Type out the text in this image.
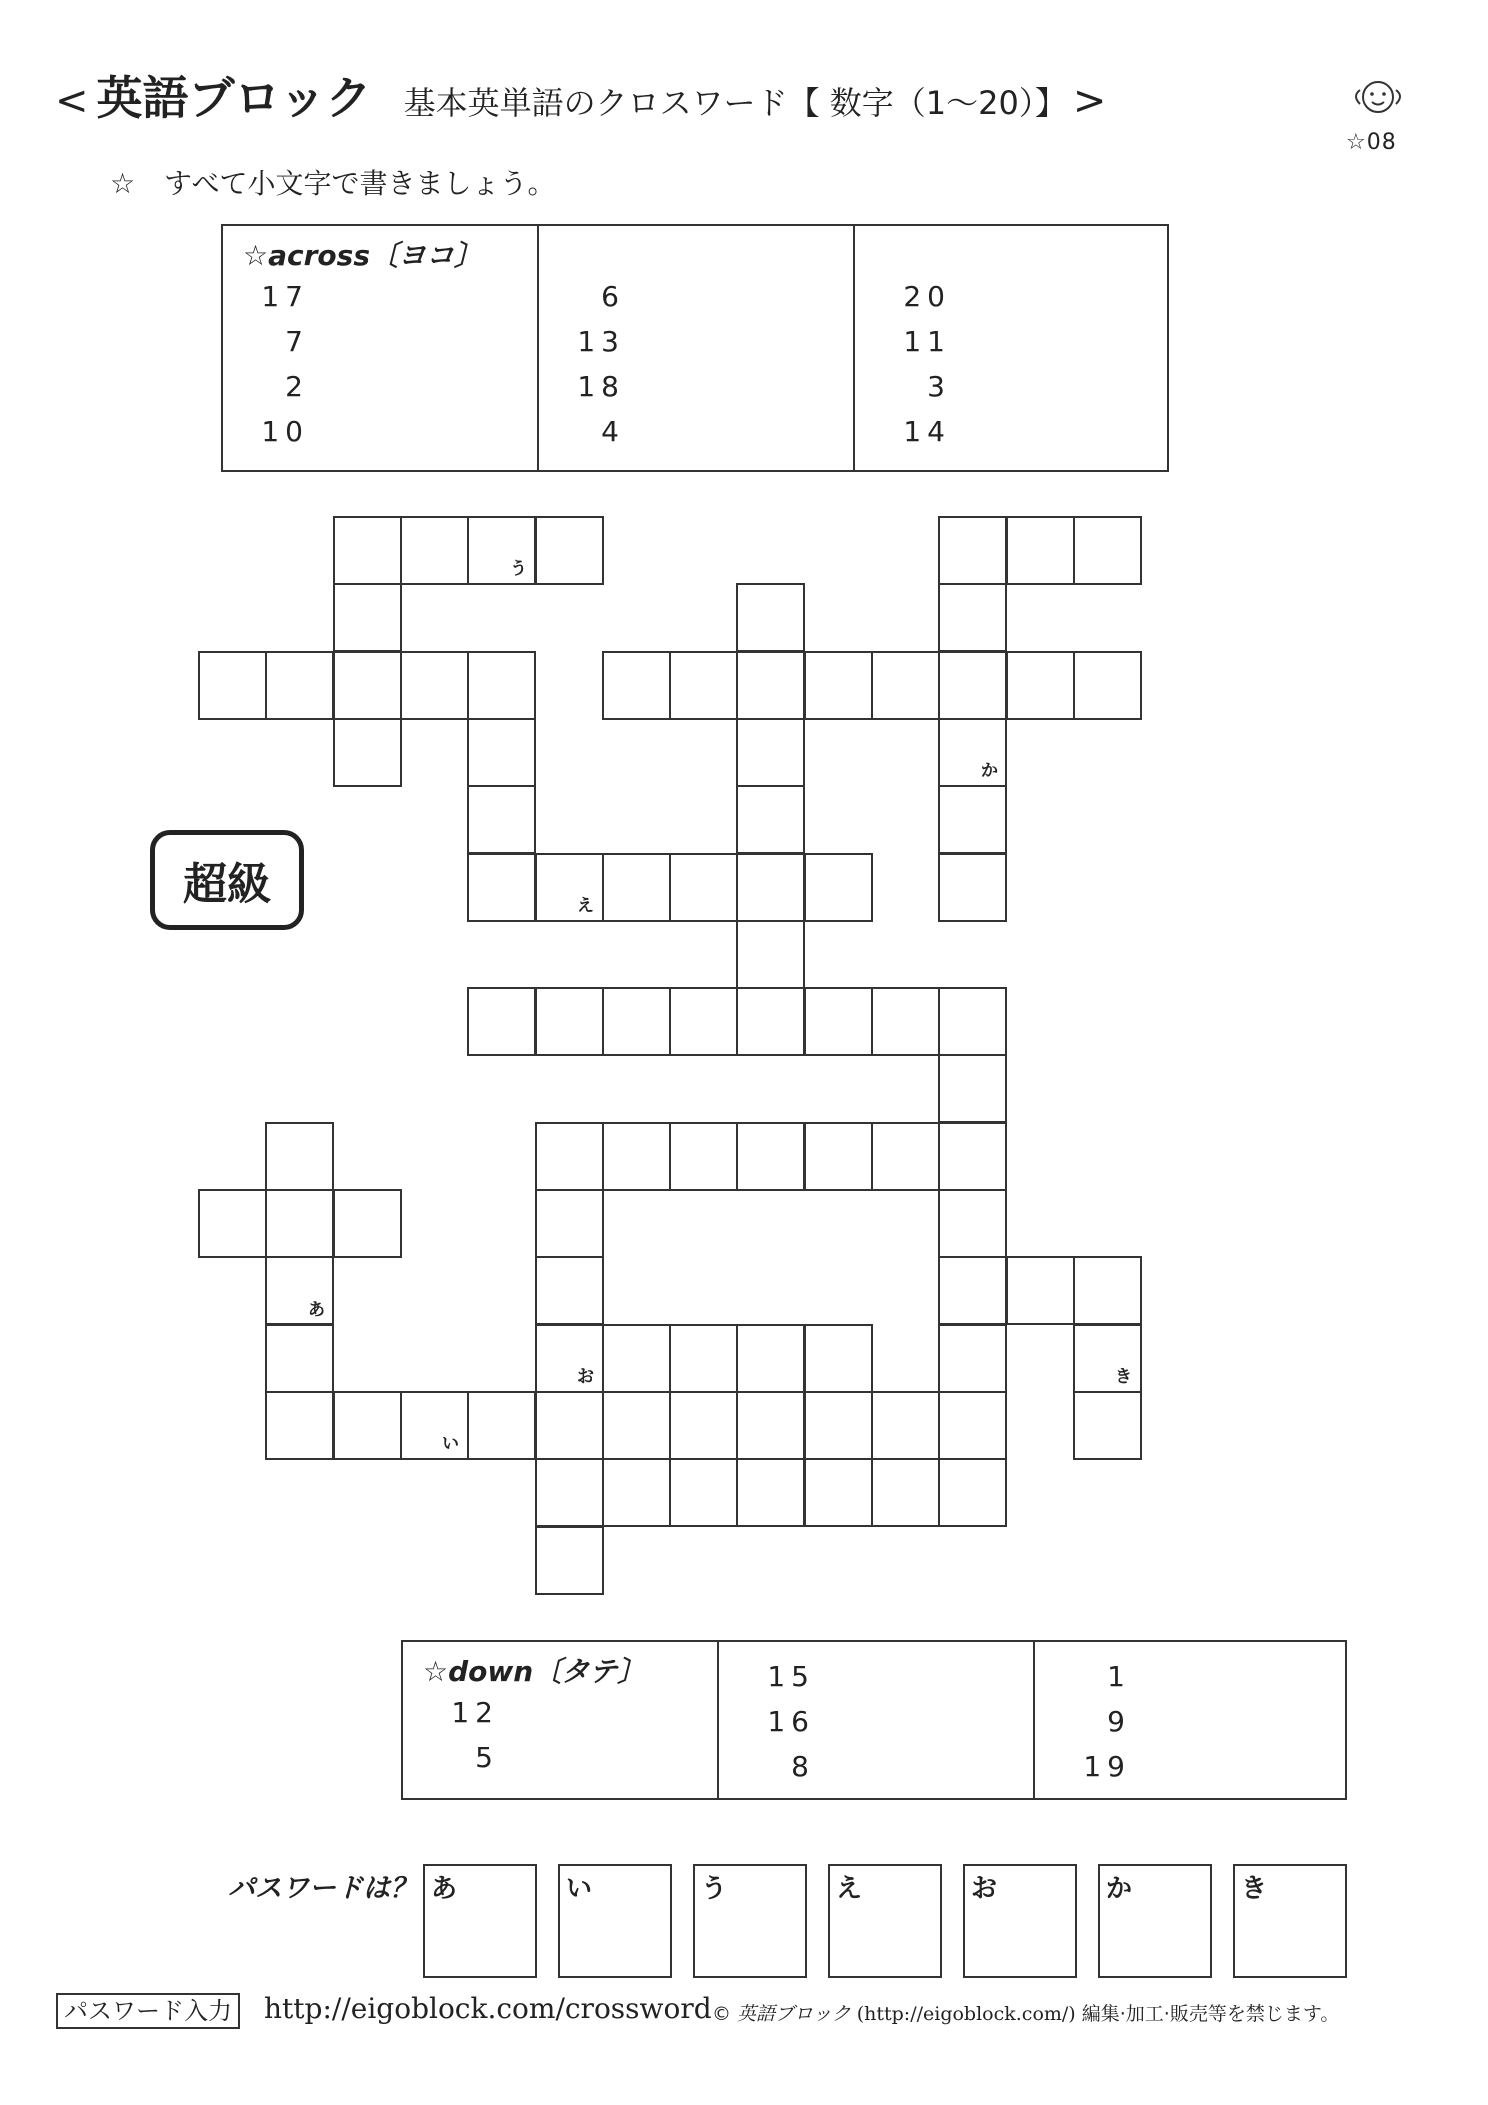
< 英語ブロック 基本英単語のクロスワード【 数字（1～20）】 >
☆08
☆ すべて小文字で書きましょう。
☆across〔ヨコ〕
17
7
2
10

6
13
18
4

20
11
3
14
超級
う
か
え
あ
お	き
い
☆down〔タテ〕
12
5

15
16
8

1
9
19
パスワードは？ あ	い	う	え	お	か	き
パスワード入力 http://eigoblock.com/crossword © 英語ブロック (http://eigoblock.com/) 編集·加工·販売等を禁じます。
